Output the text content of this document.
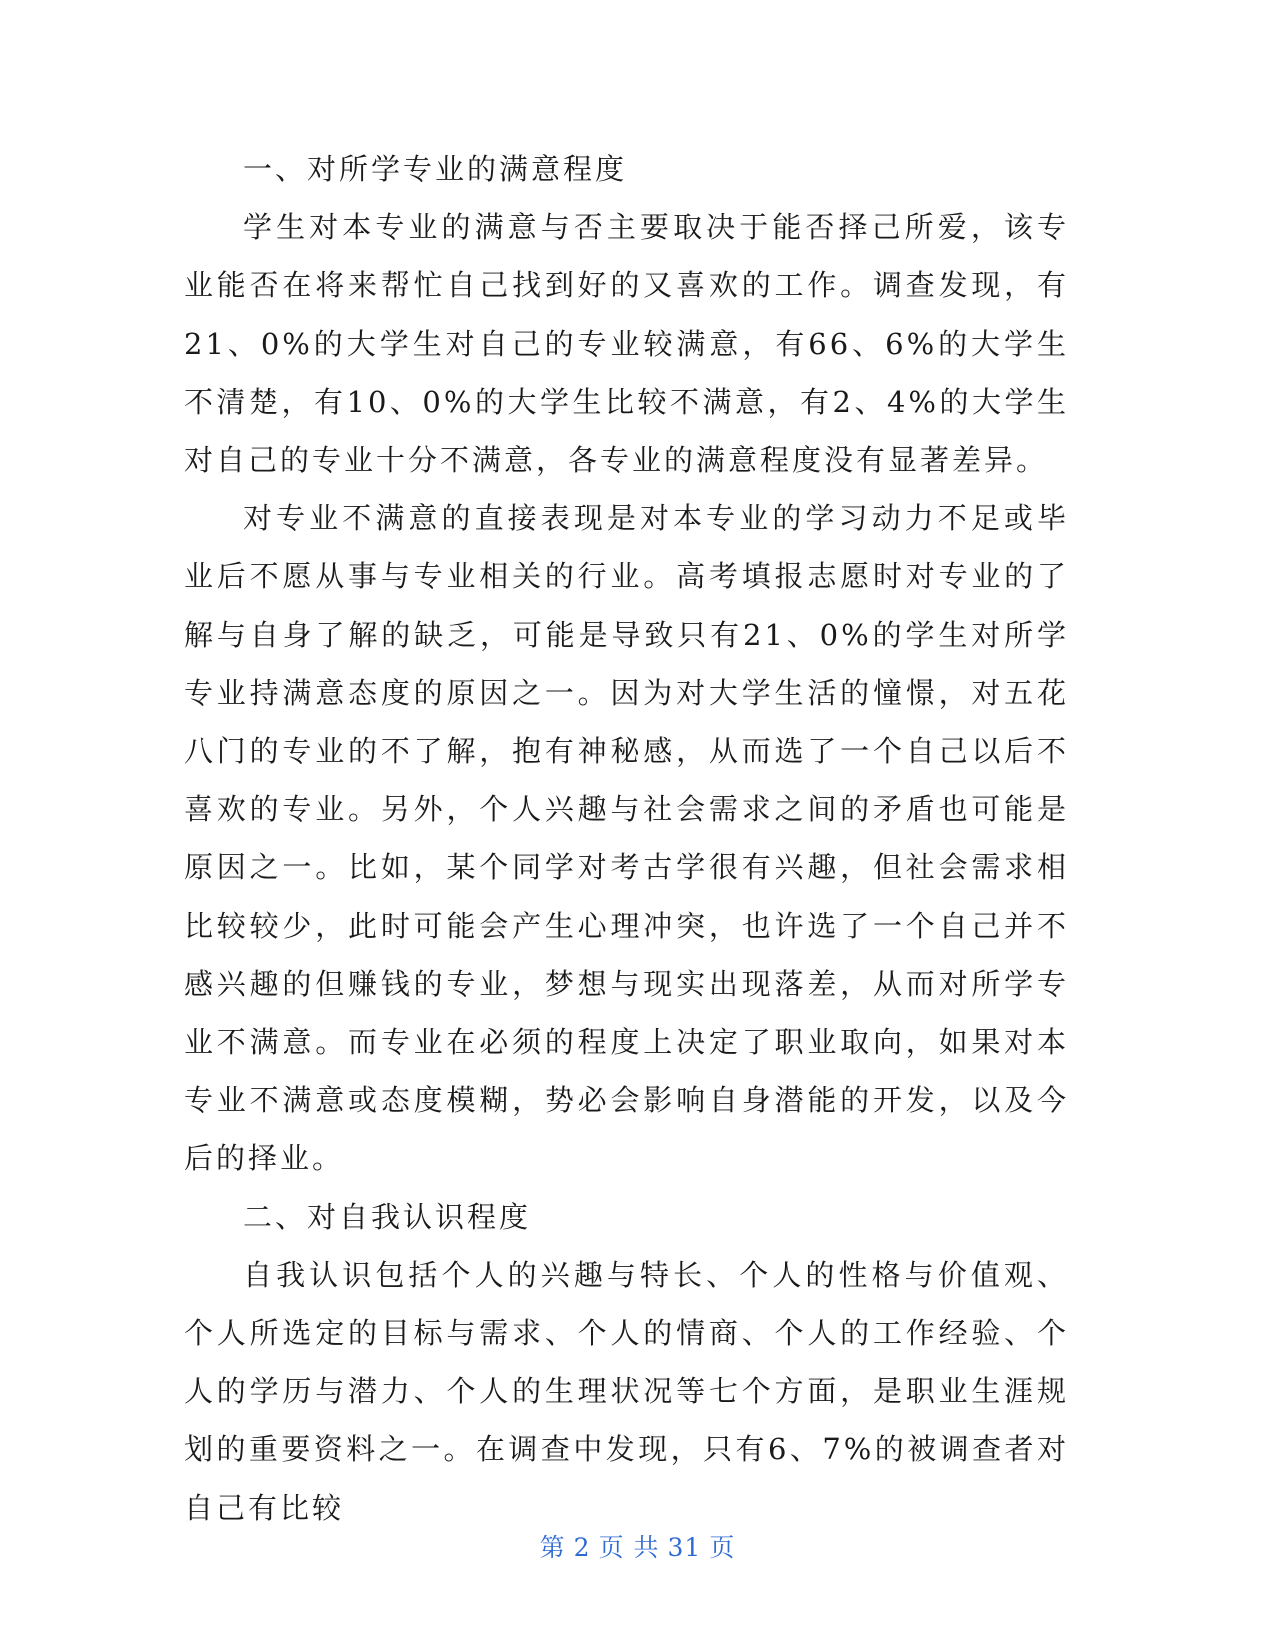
一、对所学专业的满意程度

学生对本专业的满意与否主要取决于能否择己所爱，该专业能否在将来帮忙自己找到好的又喜欢的工作。调查发现，有21、0%的大学生对自己的专业较满意，有66、6%的大学生不清楚，有10、0%的大学生比较不满意，有2、4%的大学生对自己的专业十分不满意，各专业的满意程度没有显著差异。

对专业不满意的直接表现是对本专业的学习动力不足或毕业后不愿从事与专业相关的行业。高考填报志愿时对专业的了解与自身了解的缺乏，可能是导致只有21、0%的学生对所学专业持满意态度的原因之一。因为对大学生活的憧憬，对五花八门的专业的不了解，抱有神秘感，从而选了一个自己以后不喜欢的专业。另外，个人兴趣与社会需求之间的矛盾也可能是原因之一。比如，某个同学对考古学很有兴趣，但社会需求相比较较少，此时可能会产生心理冲突，也许选了一个自己并不感兴趣的但赚钱的专业，梦想与现实出现落差，从而对所学专业不满意。而专业在必须的程度上决定了职业取向，如果对本专业不满意或态度模糊，势必会影响自身潜能的开发，以及今后的择业。

二、对自我认识程度

自我认识包括个人的兴趣与特长、个人的性格与价值观、个人所选定的目标与需求、个人的情商、个人的工作经验、个人的学历与潜力、个人的生理状况等七个方面，是职业生涯规划的重要资料之一。在调查中发现，只有6、7%的被调查者对自己有比较

第 2 页 共 31 页
